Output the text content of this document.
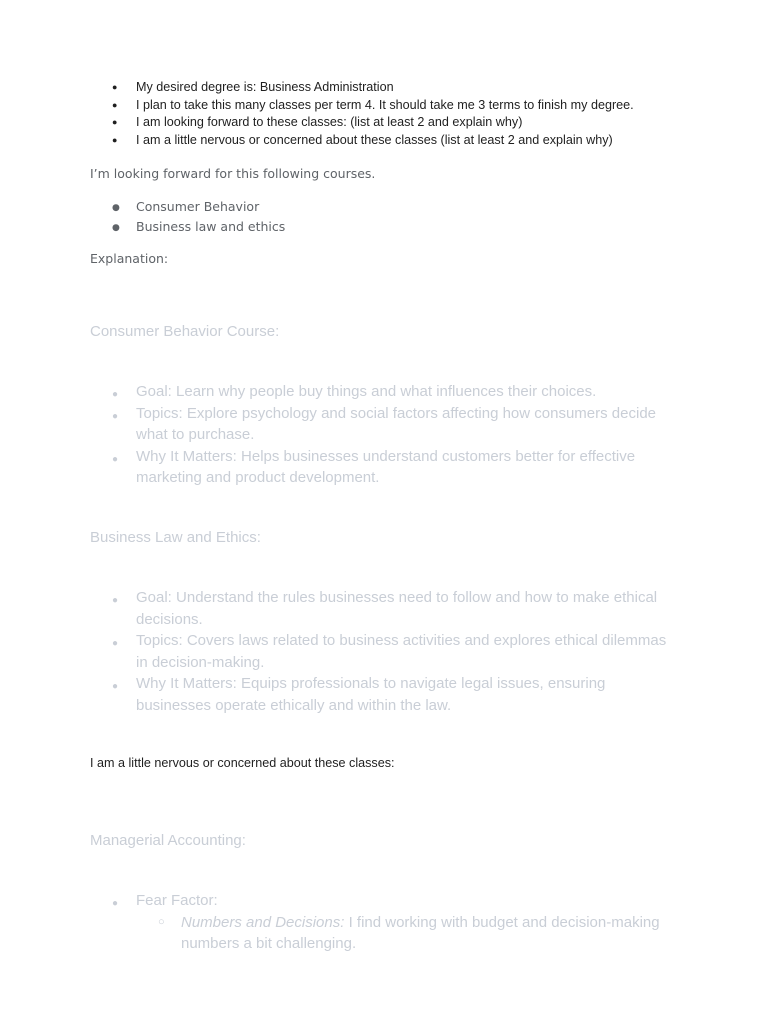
● My desired degree is: Business Administration
● I plan to take this many classes per term 4. It should take me 3 terms to finish my degree.
● I am looking forward to these classes: (list at least 2 and explain why)
● I am a little nervous or concerned about these classes (list at least 2 and explain why)
I’m looking forward for this following courses.
● Consumer Behavior
● Business law and ethics
Explanation:
Consumer Behavior Course:
● Goal: Learn why people buy things and what influences their choices.
● Topics: Explore psychology and social factors affecting how consumers decide what to purchase.
● Why It Matters: Helps businesses understand customers better for effective marketing and product development.
Business Law and Ethics:
● Goal: Understand the rules businesses need to follow and how to make ethical decisions.
● Topics: Covers laws related to business activities and explores ethical dilemmas in decision-making.
● Why It Matters: Equips professionals to navigate legal issues, ensuring businesses operate ethically and within the law.
I am a little nervous or concerned about these classes:
Managerial Accounting:
● Fear Factor:
○ Numbers and Decisions: I find working with budget and decision-making numbers a bit challenging.
